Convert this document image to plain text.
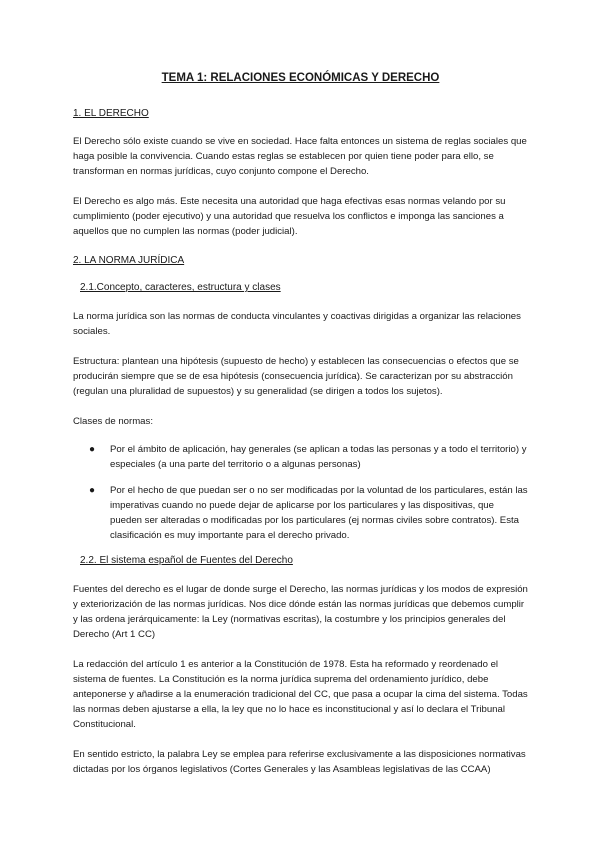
TEMA 1: RELACIONES ECONÓMICAS Y DERECHO
1. EL DERECHO

El Derecho sólo existe cuando se vive en sociedad. Hace falta entonces un sistema de reglas sociales que haga posible la convivencia. Cuando estas reglas se establecen por quien tiene poder para ello, se transforman en normas jurídicas, cuyo conjunto compone el Derecho.

El Derecho es algo más. Este necesita una autoridad que haga efectivas esas normas velando por su cumplimiento (poder ejecutivo) y una autoridad que resuelva los conflictos e imponga las sanciones a aquellos que no cumplen las normas (poder judicial).

2. LA NORMA JURÍDICA
2.1.Concepto, caracteres, estructura y clases

La norma jurídica son las normas de conducta vinculantes y coactivas dirigidas a organizar las relaciones sociales.

Estructura: plantean una hipótesis (supuesto de hecho) y establecen las consecuencias o efectos que se producirán siempre que se de esa hipótesis (consecuencia jurídica). Se caracterizan por su abstracción (regulan una pluralidad de supuestos) y su generalidad (se dirigen a todos los sujetos).

Clases de normas:

● Por el ámbito de aplicación, hay generales (se aplican a todas las personas y a todo el territorio) y especiales (a una parte del territorio o a algunas personas)
● Por el hecho de que puedan ser o no ser modificadas por la voluntad de los particulares, están las imperativas cuando no puede dejar de aplicarse por los particulares y las dispositivas, que pueden ser alteradas o modificadas por los particulares (ej normas civiles sobre contratos). Esta clasificación es muy importante para el derecho privado.
2.2. El sistema español de Fuentes del Derecho

Fuentes del derecho es el lugar de donde surge el Derecho, las normas jurídicas y los modos de expresión y exteriorización de las normas jurídicas. Nos dice dónde están las normas jurídicas que debemos cumplir y las ordena jerárquicamente: la Ley (normativas escritas), la costumbre y los principios generales del Derecho (Art 1 CC)

La redacción del artículo 1 es anterior a la Constitución de 1978. Esta ha reformado y reordenado el sistema de fuentes. La Constitución es la norma jurídica suprema del ordenamiento jurídico, debe anteponerse y añadirse a la enumeración tradicional del CC, que pasa a ocupar la cima del sistema. Todas las normas deben ajustarse a ella, la ley que no lo hace es inconstitucional y así lo declara el Tribunal Constitucional.

En sentido estricto, la palabra Ley se emplea para referirse exclusivamente a las disposiciones normativas dictadas por los órganos legislativos (Cortes Generales y las Asambleas legislativas de las CCAA)
